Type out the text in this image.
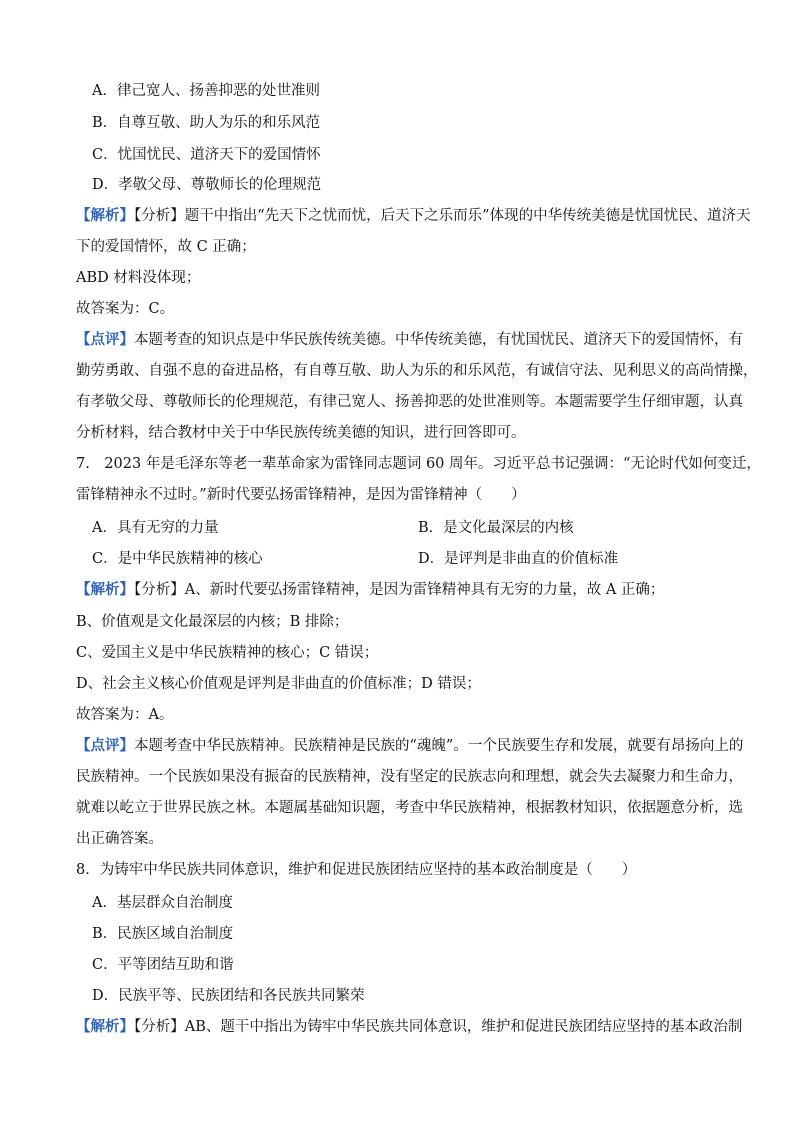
A．律己宽人、扬善抑恶的处世准则
B．自尊互敬、助人为乐的和乐风范
C．忧国忧民、道济天下的爱国情怀
D．孝敬父母、尊敬师长的伦理规范
【解析】【分析】题干中指出“先天下之忧而忧，后天下之乐而乐”体现的中华传统美德是忧国忧民、道济天
下的爱国情怀，故 C 正确；
ABD 材料没体现；
故答案为：C。
【点评】本题考查的知识点是中华民族传统美德。中华传统美德，有忧国忧民、道济天下的爱国情怀，有
勤劳勇敢、自强不息的奋进品格，有自尊互敬、助人为乐的和乐风范，有诚信守法、见利思义的高尚情操，
有孝敬父母、尊敬师长的伦理规范，有律己宽人、扬善抑恶的处世准则等。本题需要学生仔细审题，认真
分析材料，结合教材中关于中华民族传统美德的知识，进行回答即可。
7.　2023 年是毛泽东等老一辈革命家为雷锋同志题词 60 周年。习近平总书记强调：“无论时代如何变迁，
雷锋精神永不过时。”新时代要弘扬雷锋精神，是因为雷锋精神（　　）
A．具有无穷的力量	B．是文化最深层的内核
C．是中华民族精神的核心	D．是评判是非曲直的价值标准
【解析】【分析】A、新时代要弘扬雷锋精神，是因为雷锋精神具有无穷的力量，故 A 正确；
B、价值观是文化最深层的内核；B 排除；
C、爱国主义是中华民族精神的核心；C 错误；
D、社会主义核心价值观是评判是非曲直的价值标准；D 错误；
故答案为：A。
【点评】本题考查中华民族精神。民族精神是民族的“魂魄”。一个民族要生存和发展，就要有昂扬向上的
民族精神。一个民族如果没有振奋的民族精神，没有坚定的民族志向和理想，就会失去凝聚力和生命力，
就难以屹立于世界民族之林。本题属基础知识题，考查中华民族精神，根据教材知识，依据题意分析，选
出正确答案。
8．为铸牢中华民族共同体意识，维护和促进民族团结应坚持的基本政治制度是（　　）
A．基层群众自治制度
B．民族区域自治制度
C．平等团结互助和谐
D．民族平等、民族团结和各民族共同繁荣
【解析】【分析】AB、题干中指出为铸牢中华民族共同体意识，维护和促进民族团结应坚持的基本政治制
